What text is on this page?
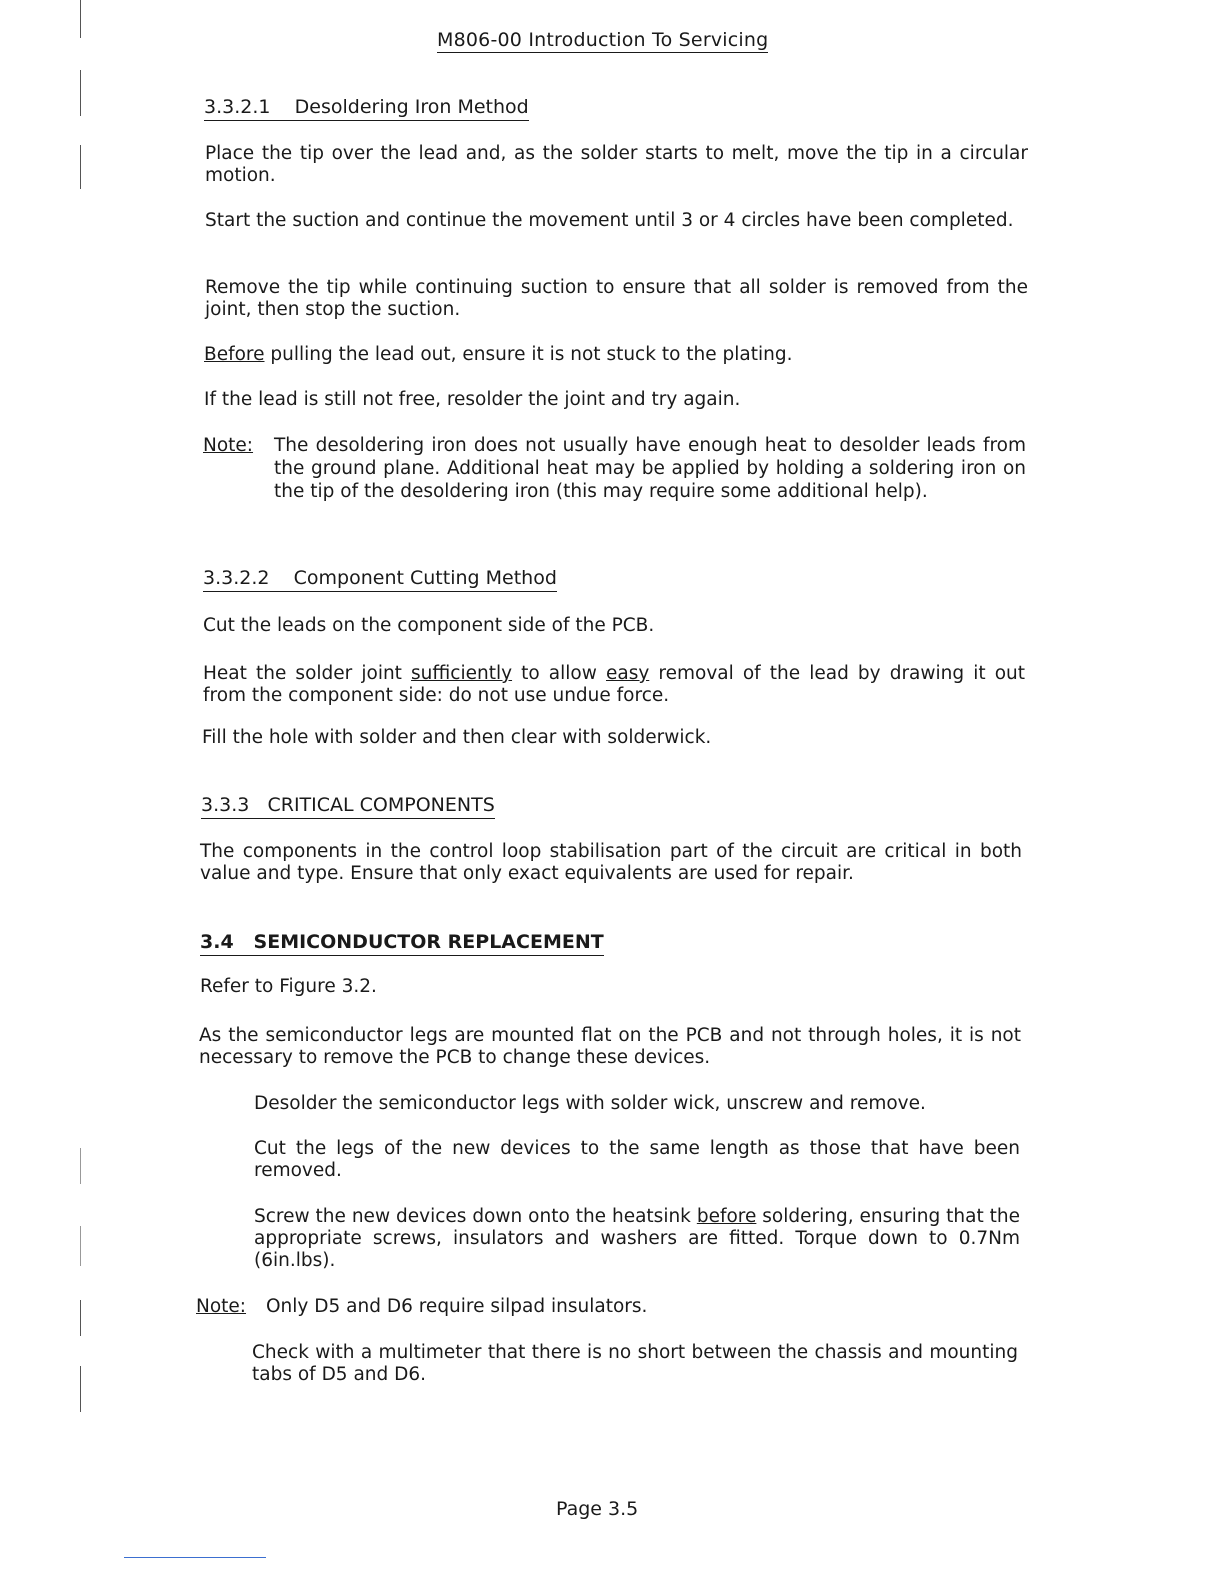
M806-00 Introduction To Servicing
3.3.2.1 Desoldering Iron Method

Place the tip over the lead and, as the solder starts to melt, move the tip in a circular motion.

Start the suction and continue the movement until 3 or 4 circles have been completed.

Remove the tip while continuing suction to ensure that all solder is removed from the joint, then stop the suction.

Before pulling the lead out, ensure it is not stuck to the plating.

If the lead is still not free, resolder the joint and try again.

Note: The desoldering iron does not usually have enough heat to desolder leads from the ground plane. Additional heat may be applied by holding a soldering iron on the tip of the desoldering iron (this may require some additional help).

3.3.2.2 Component Cutting Method

Cut the leads on the component side of the PCB.

Heat the solder joint sufficiently to allow easy removal of the lead by drawing it out from the component side: do not use undue force.

Fill the hole with solder and then clear with solderwick.

3.3.3 CRITICAL COMPONENTS

The components in the control loop stabilisation part of the circuit are critical in both value and type. Ensure that only exact equivalents are used for repair.

3.4 SEMICONDUCTOR REPLACEMENT

Refer to Figure 3.2.

As the semiconductor legs are mounted flat on the PCB and not through holes, it is not necessary to remove the PCB to change these devices.

Desolder the semiconductor legs with solder wick, unscrew and remove.

Cut the legs of the new devices to the same length as those that have been removed.

Screw the new devices down onto the heatsink before soldering, ensuring that the appropriate screws, insulators and washers are fitted. Torque down to 0.7Nm (6in.lbs).

Note: Only D5 and D6 require silpad insulators.

Check with a multimeter that there is no short between the chassis and mounting tabs of D5 and D6.

Page 3.5
